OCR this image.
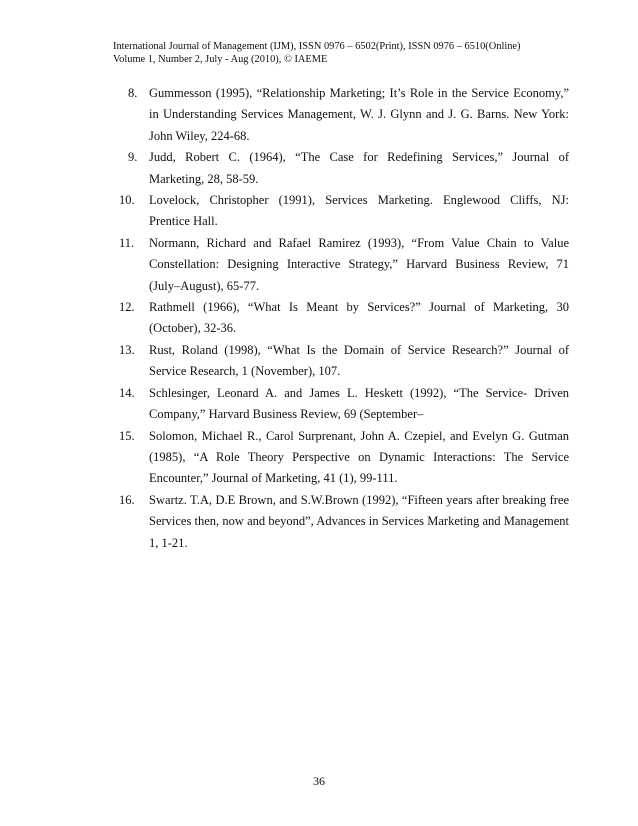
International Journal of Management (IJM), ISSN 0976 – 6502(Print), ISSN 0976 – 6510(Online)
Volume 1, Number 2, July - Aug (2010), © IAEME
8. Gummesson (1995), “Relationship Marketing; It’s Role in the Service Economy,”
in Understanding Services Management, W. J. Glynn and J. G. Barns. New York:
John Wiley, 224-68.
9. Judd, Robert C. (1964), “The Case for Redefining Services,” Journal of
Marketing, 28, 58-59.
10.	Lovelock, Christopher (1991), Services Marketing. Englewood Cliffs, NJ:
Prentice Hall.
11.	Normann, Richard and Rafael Ramirez (1993), “From Value Chain to Value
Constellation: Designing Interactive Strategy,” Harvard Business Review, 71
(July–August), 65-77.
12.	Rathmell (1966), “What Is Meant by Services?” Journal of Marketing, 30
(October), 32-36.
13.	Rust, Roland (1998), “What Is the Domain of Service Research?” Journal of
Service Research, 1 (November), 107.
14.	Schlesinger, Leonard A. and James L. Heskett (1992), “The Service- Driven
Company,” Harvard Business Review, 69 (September–
15.	Solomon, Michael R., Carol Surprenant, John A. Czepiel, and Evelyn G. Gutman
(1985), “A Role Theory Perspective on Dynamic Interactions: The Service
Encounter,” Journal of Marketing, 41 (1), 99-111.
16.	Swartz. T.A, D.E Brown, and S.W.Brown (1992), “Fifteen years after breaking free
Services then, now and beyond”, Advances in Services Marketing and Management
1, 1-21.
36
